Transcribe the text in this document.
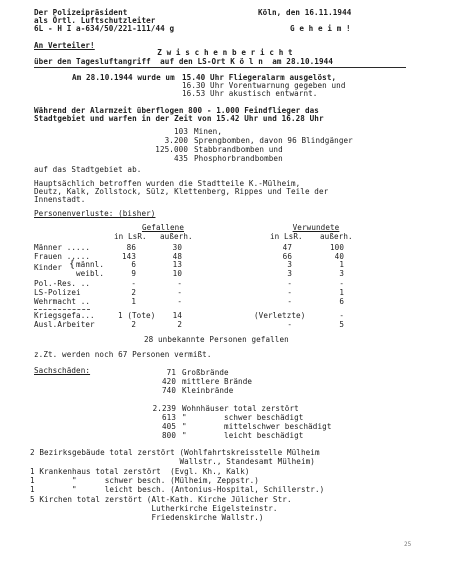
Der Polizeipräsident
als Örtl. Luftschutzleiter
6L - H I a-634/50/221-111/44 g
Köln, den 16.11.1944
G e h e i m !
An Verteiler!
Z w i s c h e n b e r i c h t
über den Tagesluftangriff  auf den LS-Ort K ö l n  am 28.10.1944
Am 28.10.1944 wurde um 15.40 Uhr Fliegeralarm ausgelöst,
16.30 Uhr Vorentwarnung gegeben und
16.53 Uhr akustisch entwarnt.
Während der Alarmzeit überflogen 800 - 1.000 Feindflieger das
Stadtgebiet und warfen in der Zeit von 15.42 Uhr und 16.28 Uhr
103 Minen,
3.200 Sprengbomben, davon 96 Blindgänger
125.000 Stabbrandbomben und
435 Phosphorbrandbomben
auf das Stadtgebiet ab.
Hauptsächlich betroffen wurden die Stadtteile K.-Mülheim,
Deutz, Kalk, Zollstock, Sülz, Klettenberg, Rippes und Teile der
Innenstadt.
Personenverluste: (bisher)
Gefallene	Verwundete
in LsR. außerh.	in LsR. außerh.
Männer .....	86	30	47	100
Frauen .....	143	48	66	40
Kinder männl.	6	13	3	1
weibl.	9	10	3	3
{
Pol.-Res. ..	-	-	-	-
LS-Polizei	2	-	-	1
Wehrmacht ..	1	-	-	6
Kriegsgefa...	1 (Tote)	14	(Verletzte)	-
Ausl.Arbeiter	2	2	-	5
28 unbekannte Personen gefallen
z.Zt. werden noch 67 Personen vermißt.
Sachschäden:	71 Großbrände
420 mittlere Brände
740 Kleinbrände
2.239 Wohnhäuser total zerstört
613 "        schwer beschädigt
405 "        mittelschwer beschädigt
800 "        leicht beschädigt
2 Bezirksgebäude total zerstört (Wohlfahrtskreisstelle Mülheim
Wallstr., Standesamt Mülheim)
1 Krankenhaus total zerstört  (Evgl. Kh., Kalk)
1        "      schwer besch. (Mülheim, Zeppstr.)
1        "      leicht besch. (Antonius-Hospital, Schillerstr.)
5 Kirchen total zerstört (Alt-Kath. Kirche Jülicher Str.
Lutherkirche Eigelsteinstr.
Friedenskirche Wallstr.)
25
